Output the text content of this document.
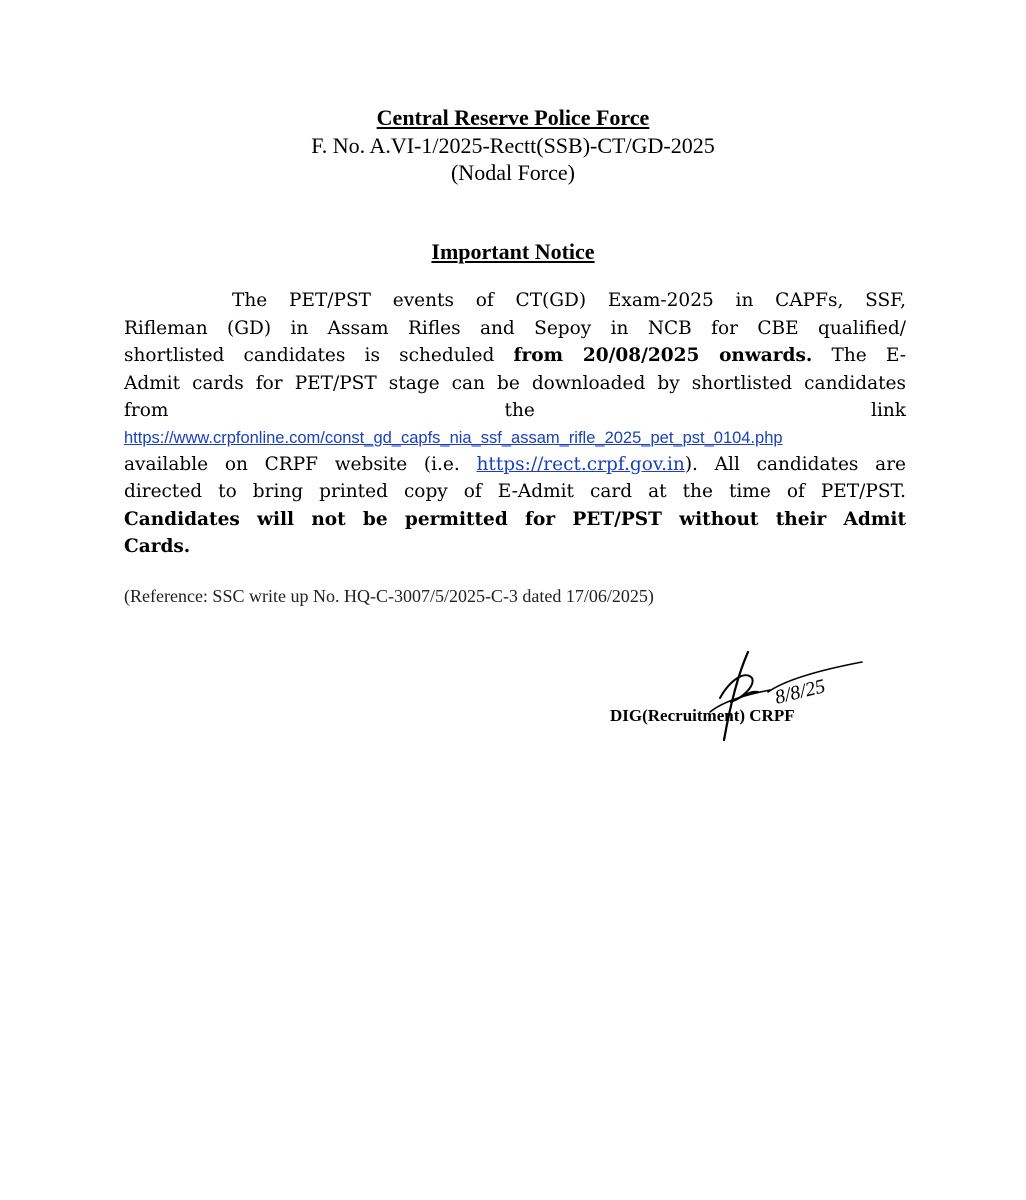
Central Reserve Police Force
F. No. A.VI-1/2025-Rectt(SSB)-CT/GD-2025
(Nodal Force)
Important Notice
The PET/PST events of CT(GD) Exam-2025 in CAPFs, SSF,
Rifleman (GD) in Assam Rifles and Sepoy in NCB for CBE qualified/
shortlisted candidates is scheduled from 20/08/2025 onwards. The E-
Admit cards for PET/PST stage can be downloaded by shortlisted candidates
from	the	link
https://www.crpfonline.com/const_gd_capfs_nia_ssf_assam_rifle_2025_pet_pst_0104.php
available on CRPF website (i.e. https://rect.crpf.gov.in). All candidates are
directed to bring printed copy of E-Admit card at the time of PET/PST.
Candidates will not be permitted for PET/PST without their Admit
Cards.
(Reference: SSC write up No. HQ-C-3007/5/2025-C-3 dated 17/06/2025)
8/8/25
DIG(Recruitment) CRPF
